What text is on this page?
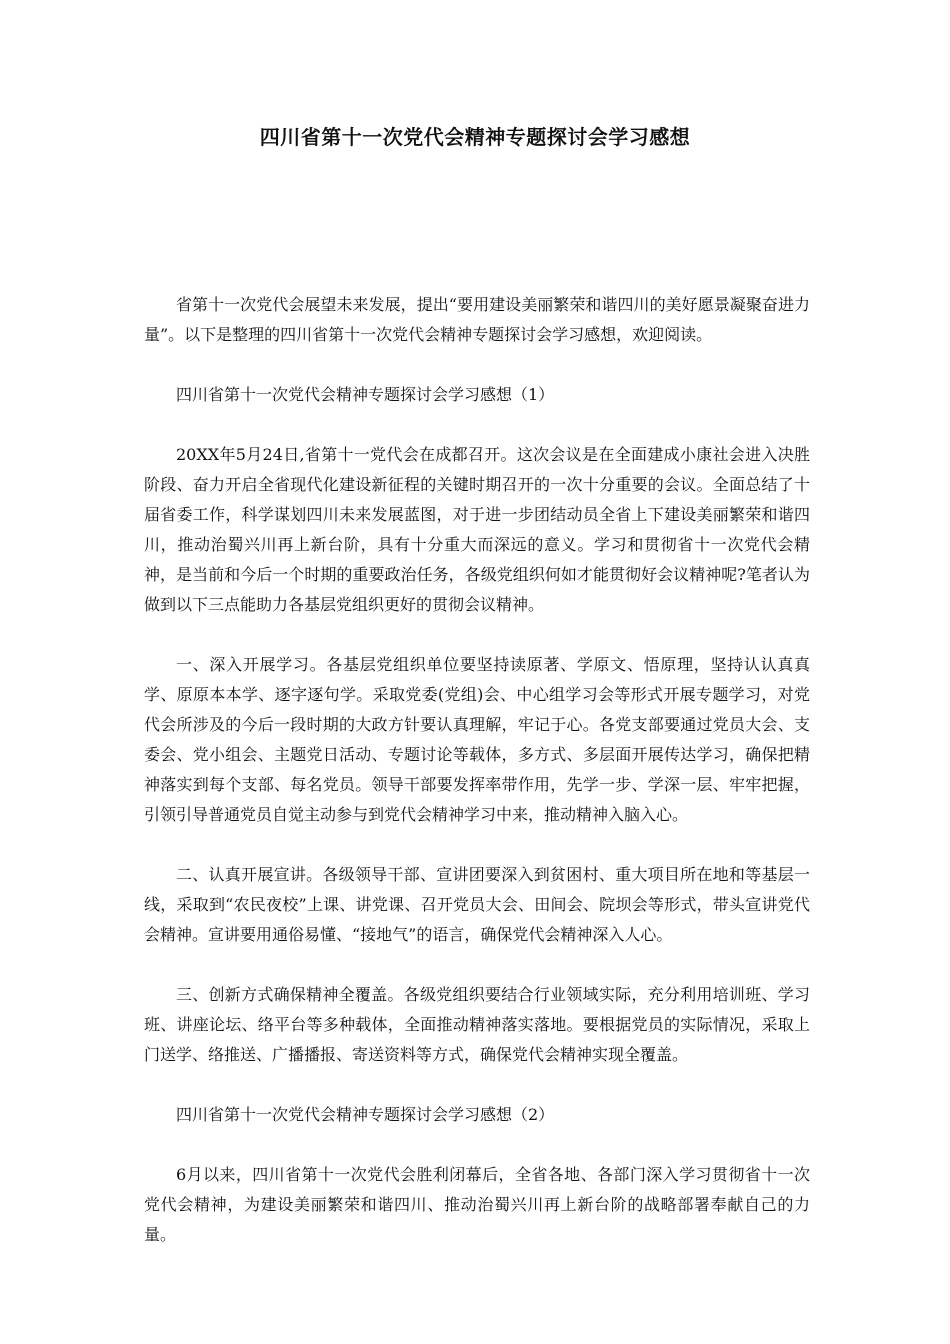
四川省第十一次党代会精神专题探讨会学习感想

省第十一次党代会展望未来发展，提出“要用建设美丽繁荣和谐四川的美好愿景凝聚奋进力量”。以下是整理的四川省第十一次党代会精神专题探讨会学习感想，欢迎阅读。

四川省第十一次党代会精神专题探讨会学习感想（1）

20XX年5月24日,省第十一党代会在成都召开。这次会议是在全面建成小康社会进入决胜阶段、奋力开启全省现代化建设新征程的关键时期召开的一次十分重要的会议。全面总结了十届省委工作，科学谋划四川未来发展蓝图，对于进一步团结动员全省上下建设美丽繁荣和谐四川，推动治蜀兴川再上新台阶，具有十分重大而深远的意义。学习和贯彻省十一次党代会精神，是当前和今后一个时期的重要政治任务，各级党组织何如才能贯彻好会议精神呢?笔者认为做到以下三点能助力各基层党组织更好的贯彻会议精神。

一、深入开展学习。各基层党组织单位要坚持读原著、学原文、悟原理，坚持认认真真学、原原本本学、逐字逐句学。采取党委(党组)会、中心组学习会等形式开展专题学习，对党代会所涉及的今后一段时期的大政方针要认真理解，牢记于心。各党支部要通过党员大会、支委会、党小组会、主题党日活动、专题讨论等载体，多方式、多层面开展传达学习，确保把精神落实到每个支部、每名党员。领导干部要发挥率带作用，先学一步、学深一层、牢牢把握，引领引导普通党员自觉主动参与到党代会精神学习中来，推动精神入脑入心。

二、认真开展宣讲。各级领导干部、宣讲团要深入到贫困村、重大项目所在地和等基层一线，采取到“农民夜校”上课、讲党课、召开党员大会、田间会、院坝会等形式，带头宣讲党代会精神。宣讲要用通俗易懂、“接地气”的语言，确保党代会精神深入人心。

三、创新方式确保精神全覆盖。各级党组织要结合行业领域实际，充分利用培训班、学习班、讲座论坛、络平台等多种载体，全面推动精神落实落地。要根据党员的实际情况，采取上门送学、络推送、广播播报、寄送资料等方式，确保党代会精神实现全覆盖。

四川省第十一次党代会精神专题探讨会学习感想（2）

6月以来，四川省第十一次党代会胜利闭幕后，全省各地、各部门深入学习贯彻省十一次党代会精神，为建设美丽繁荣和谐四川、推动治蜀兴川再上新台阶的战略部署奉献自己的力量。
